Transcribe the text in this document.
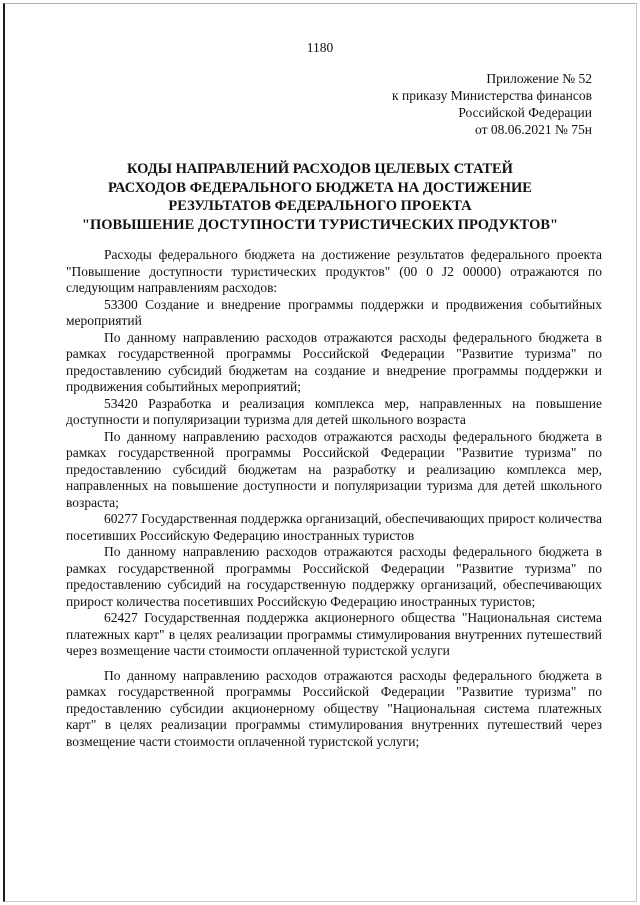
1180
Приложение № 52
к приказу Министерства финансов
Российской Федерации
от 08.06.2021 № 75н
КОДЫ НАПРАВЛЕНИЙ РАСХОДОВ ЦЕЛЕВЫХ СТАТЕЙ
РАСХОДОВ ФЕДЕРАЛЬНОГО БЮДЖЕТА НА ДОСТИЖЕНИЕ
РЕЗУЛЬТАТОВ ФЕДЕРАЛЬНОГО ПРОЕКТА
"ПОВЫШЕНИЕ ДОСТУПНОСТИ ТУРИСТИЧЕСКИХ ПРОДУКТОВ"

Расходы федерального бюджета на достижение результатов федерального проекта "Повышение доступности туристических продуктов" (00 0 J2 00000) отражаются по следующим направлениям расходов:

53300 Создание и внедрение программы поддержки и продвижения событийных мероприятий

По данному направлению расходов отражаются расходы федерального бюджета в рамках государственной программы Российской Федерации "Развитие туризма" по предоставлению субсидий бюджетам на создание и внедрение программы поддержки и продвижения событийных мероприятий;

53420 Разработка и реализация комплекса мер, направленных на повышение доступности и популяризации туризма для детей школьного возраста

По данному направлению расходов отражаются расходы федерального бюджета в рамках государственной программы Российской Федерации "Развитие туризма" по предоставлению субсидий бюджетам на разработку и реализацию комплекса мер, направленных на повышение доступности и популяризации туризма для детей школьного возраста;

60277 Государственная поддержка организаций, обеспечивающих прирост количества посетивших Российскую Федерацию иностранных туристов

По данному направлению расходов отражаются расходы федерального бюджета в рамках государственной программы Российской Федерации "Развитие туризма" по предоставлению субсидий на государственную поддержку организаций, обеспечивающих прирост количества посетивших Российскую Федерацию иностранных туристов;

62427 Государственная поддержка акционерного общества "Национальная система платежных карт" в целях реализации программы стимулирования внутренних путешествий через возмещение части стоимости оплаченной туристской услуги

По данному направлению расходов отражаются расходы федерального бюджета в рамках государственной программы Российской Федерации "Развитие туризма" по предоставлению субсидии акционерному обществу "Национальная система платежных карт" в целях реализации программы стимулирования внутренних путешествий через возмещение части стоимости оплаченной туристской услуги;
